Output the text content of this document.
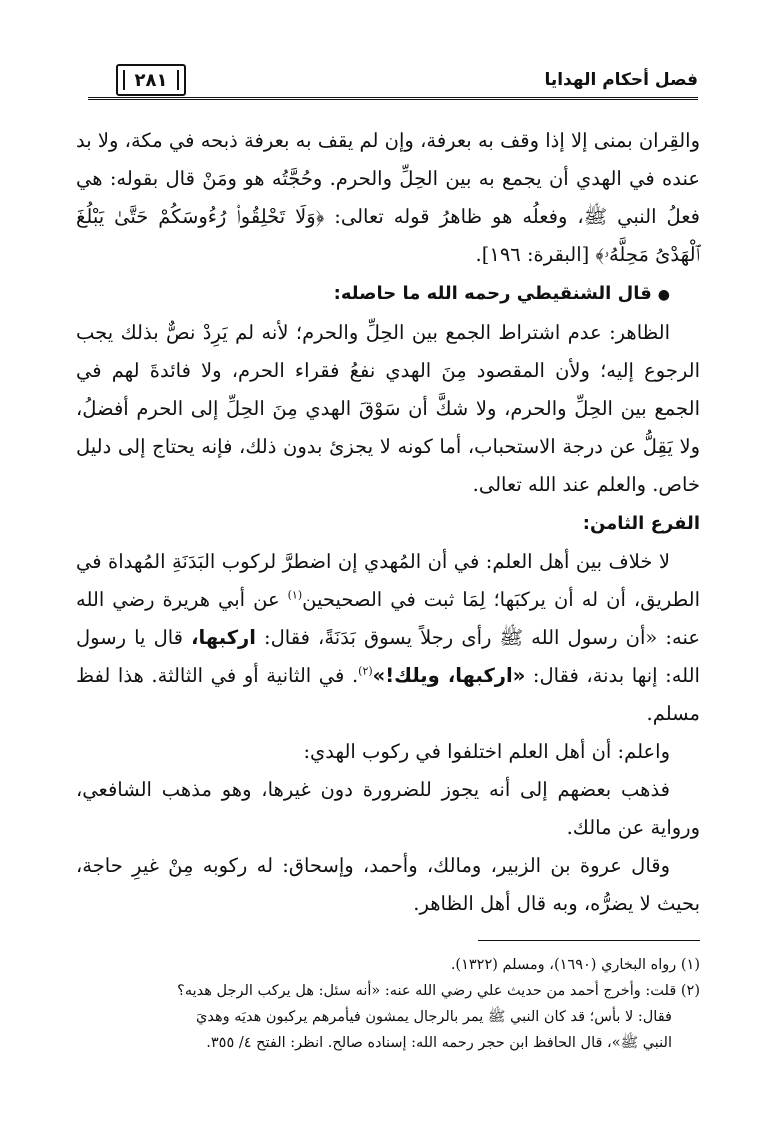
فصل أحكام الهدايا
٢٨١

والقِران بمنى إلا إذا وقف به بعرفة، وإن لم يقف به بعرفة ذبحه في مكة، ولا بد عنده في الهدي أن يجمع به بين الحِلِّ والحرم. وحُجَّتُه هو ومَنْ قال بقوله: هي فعلُ النبي ﷺ، وفعلُه هو ظاهرُ قوله تعالى: ﴿وَلَا تَحْلِقُوا۟ رُءُوسَكُمْ حَتَّىٰ يَبْلُغَ ٱلْهَدْىُ مَحِلَّهُۥ﴾ [البقرة: ١٩٦].

●قال الشنقيطي رحمه الله ما حاصله:

الظاهر: عدم اشتراط الجمع بين الحِلِّ والحرم؛ لأنه لم يَرِدْ نصٌّ بذلك يجب الرجوع إليه؛ ولأن المقصود مِنَ الهدي نفعُ فقراء الحرم، ولا فائدةَ لهم في الجمع بين الحِلِّ والحرم، ولا شكَّ أن سَوْقَ الهدي مِنَ الحِلِّ إلى الحرم أفضلُ، ولا يَقِلُّ عن درجة الاستحباب، أما كونه لا يجزئ بدون ذلك، فإنه يحتاج إلى دليل خاص. والعلم عند الله تعالى.

الفرع الثامن:

لا خلاف بين أهل العلم: في أن المُهدي إن اضطرَّ لركوب البَدَنَةِ المُهداة في الطريق، أن له أن يركبَها؛ لِمَا ثبت في الصحيحين$^{(١)}$ عن أبي هريرة رضي الله عنه: «أن رسول الله ﷺ رأى رجلاً يسوق بَدَنَةً، فقال: اركبها، قال يا رسول الله: إنها بدنة، فقال: «اركبها، ويلك!»$^{(٢)}$. في الثانية أو في الثالثة. هذا لفظ مسلم.

واعلم: أن أهل العلم اختلفوا في ركوب الهدي:

فذهب بعضهم إلى أنه يجوز للضرورة دون غيرها، وهو مذهب الشافعي، ورواية عن مالك.

وقال عروة بن الزبير، ومالك، وأحمد، وإسحاق: له ركوبه مِنْ غيرِ حاجة، بحيث لا يضرُّه، وبه قال أهل الظاهر.

(١) رواه البخاري (١٦٩٠)، ومسلم (١٣٢٢).

(٢) قلت: وأخرج أحمد من حديث علي رضي الله عنه: «أنه سئل: هل يركب الرجل هديه؟

فقال: لا بأس؛ قد كان النبي ﷺ يمر بالرجال يمشون فيأمرهم يركبون هديَه وهديَ

النبي ﷺ»، قال الحافظ ابن حجر رحمه الله: إسناده صالح. انظر: الفتح ٤/ ٣٥٥.
